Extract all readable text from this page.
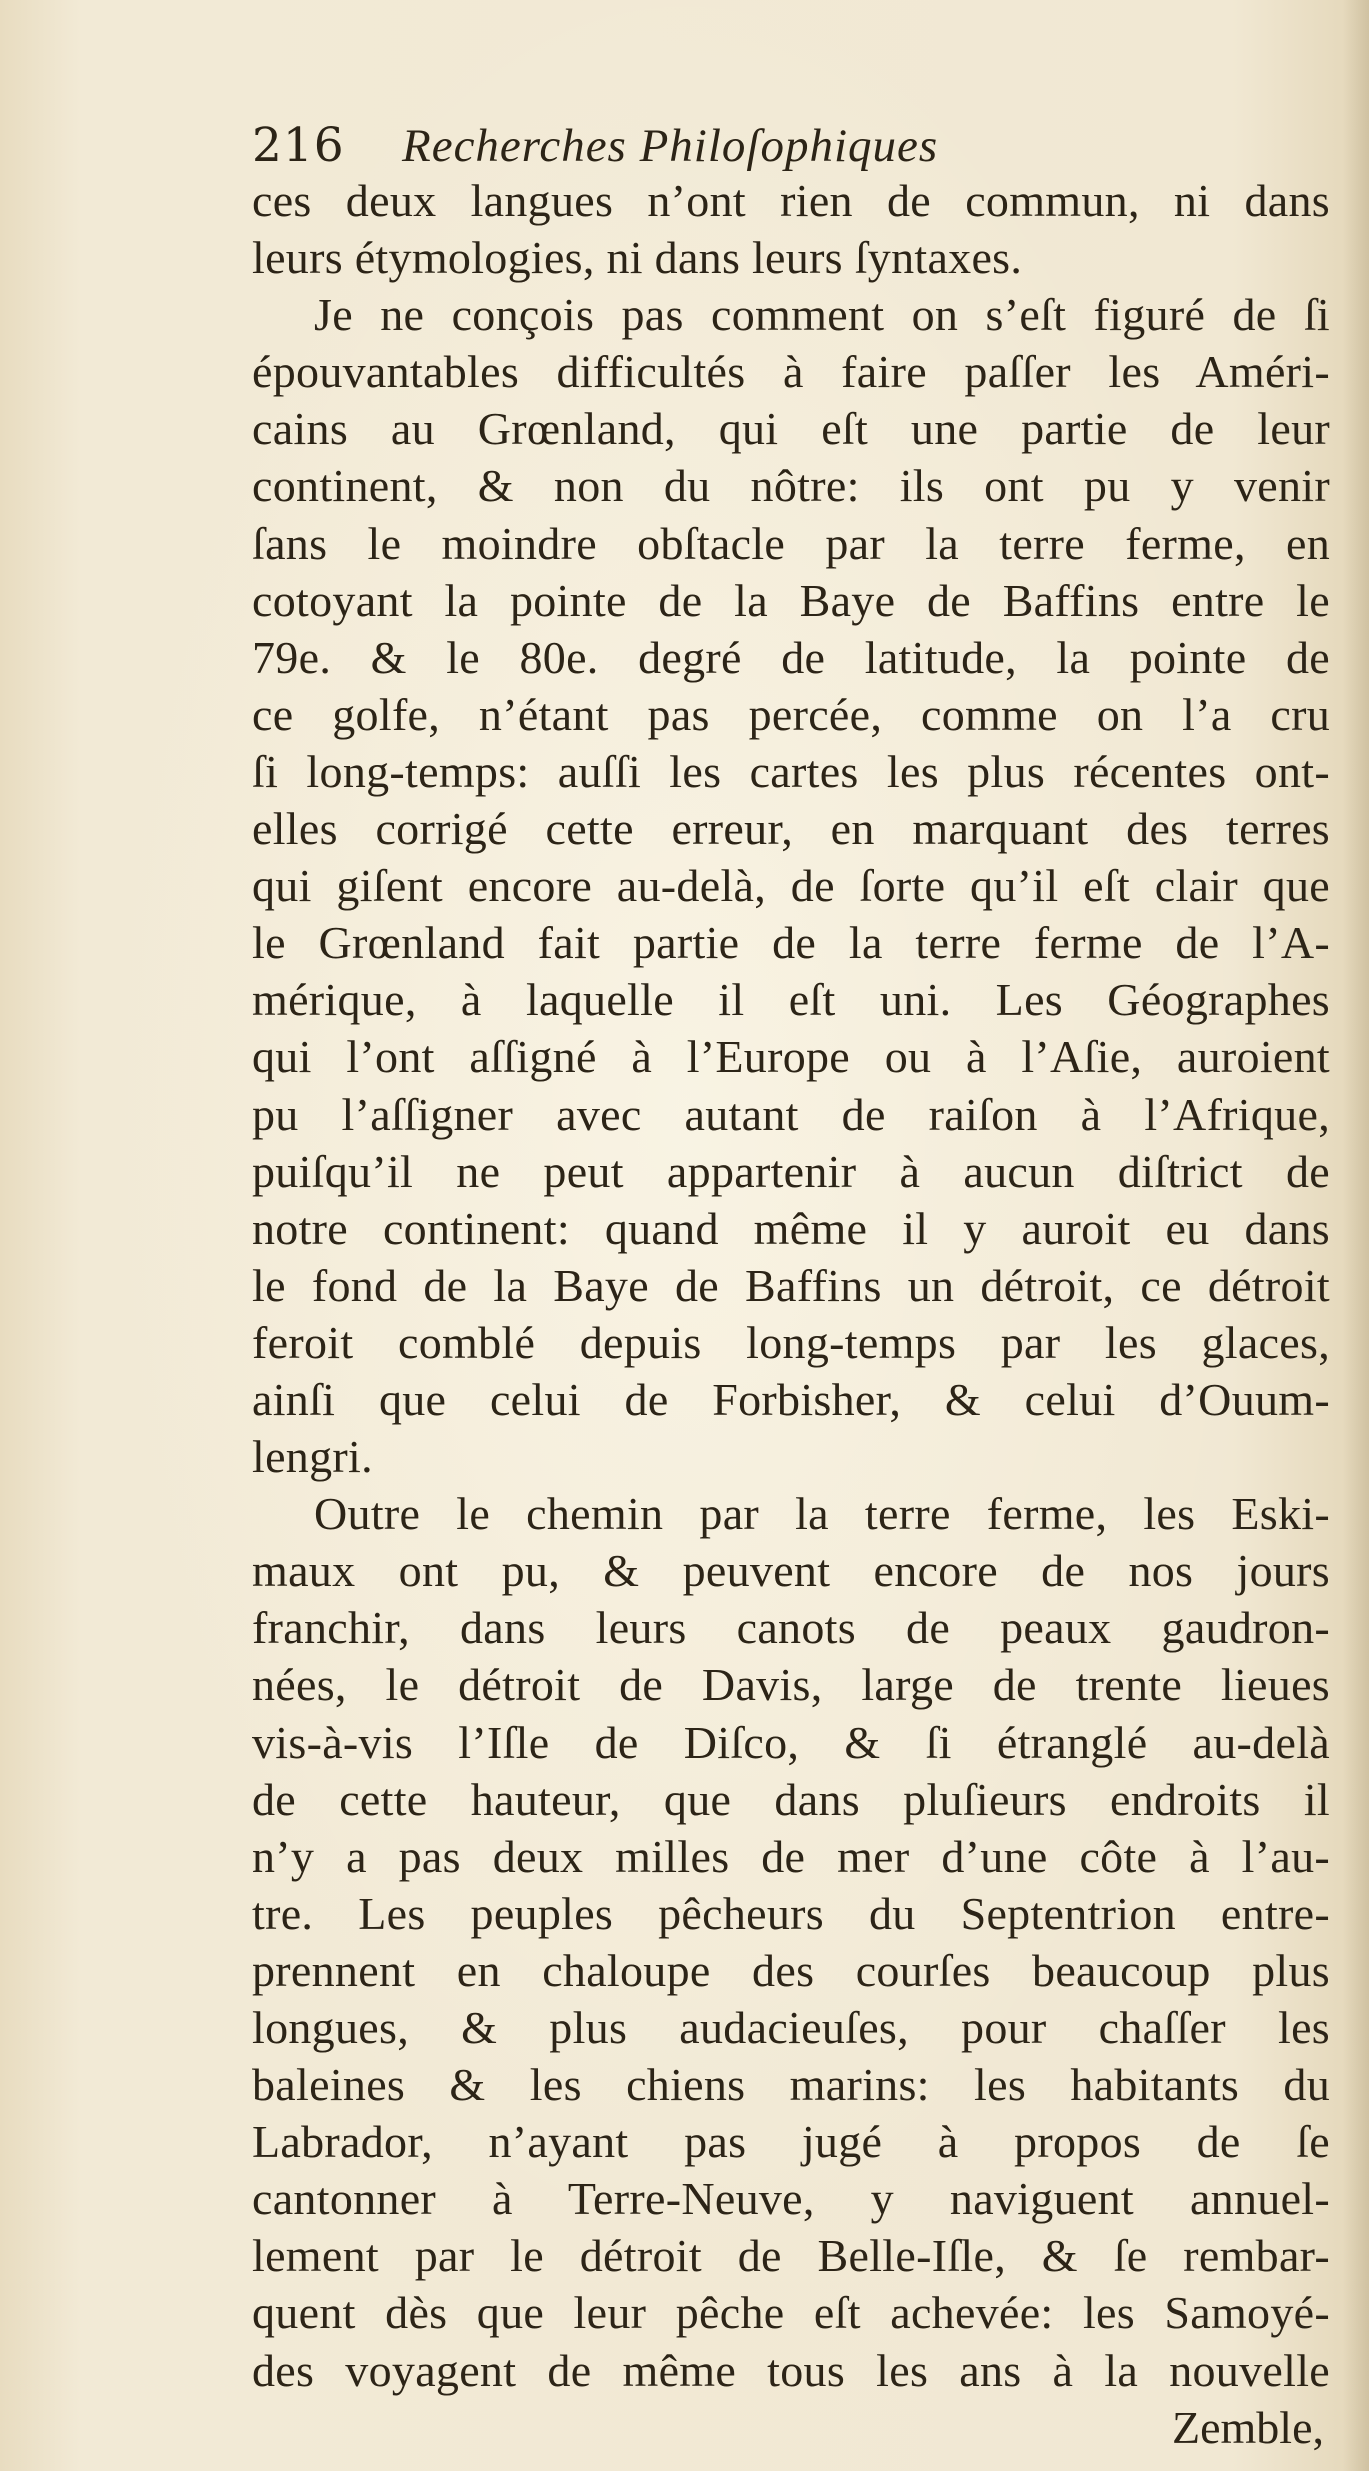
216 Recherches Philoſophiques
ces deux langues n’ont rien de commun, ni dans
leurs étymologies, ni dans leurs ſyntaxes.
Je ne conçois pas comment on s’eſt figuré de ſi
épouvantables difficultés à faire paſſer les Améri-
cains au Grœnland, qui eſt une partie de leur
continent, & non du nôtre: ils ont pu y venir
ſans le moindre obſtacle par la terre ferme, en
cotoyant la pointe de la Baye de Baffins entre le
79e. & le 80e. degré de latitude, la pointe de
ce golfe, n’étant pas percée, comme on l’a cru
ſi long-temps: auſſi les cartes les plus récentes ont-
elles corrigé cette erreur, en marquant des terres
qui giſent encore au-delà, de ſorte qu’il eſt clair que
le Grœnland fait partie de la terre ferme de l’A-
mérique, à laquelle il eſt uni. Les Géographes
qui l’ont aſſigné à l’Europe ou à l’Aſie, auroient
pu l’aſſigner avec autant de raiſon à l’Afrique,
puiſqu’il ne peut appartenir à aucun diſtrict de
notre continent: quand même il y auroit eu dans
le fond de la Baye de Baffins un détroit, ce détroit
feroit comblé depuis long-temps par les glaces,
ainſi que celui de Forbisher, & celui d’Ouum-
lengri.
Outre le chemin par la terre ferme, les Eski-
maux ont pu, & peuvent encore de nos jours
franchir, dans leurs canots de peaux gaudron-
nées, le détroit de Davis, large de trente lieues
vis-à-vis l’Iſle de Diſco, & ſi étranglé au-delà
de cette hauteur, que dans pluſieurs endroits il
n’y a pas deux milles de mer d’une côte à l’au-
tre. Les peuples pêcheurs du Septentrion entre-
prennent en chaloupe des courſes beaucoup plus
longues, & plus audacieuſes, pour chaſſer les
baleines & les chiens marins: les habitants du
Labrador, n’ayant pas jugé à propos de ſe
cantonner à Terre-Neuve, y naviguent annuel-
lement par le détroit de Belle-Iſle, & ſe rembar-
quent dès que leur pêche eſt achevée: les Samoyé-
des voyagent de même tous les ans à la nouvelle
Zemble,
